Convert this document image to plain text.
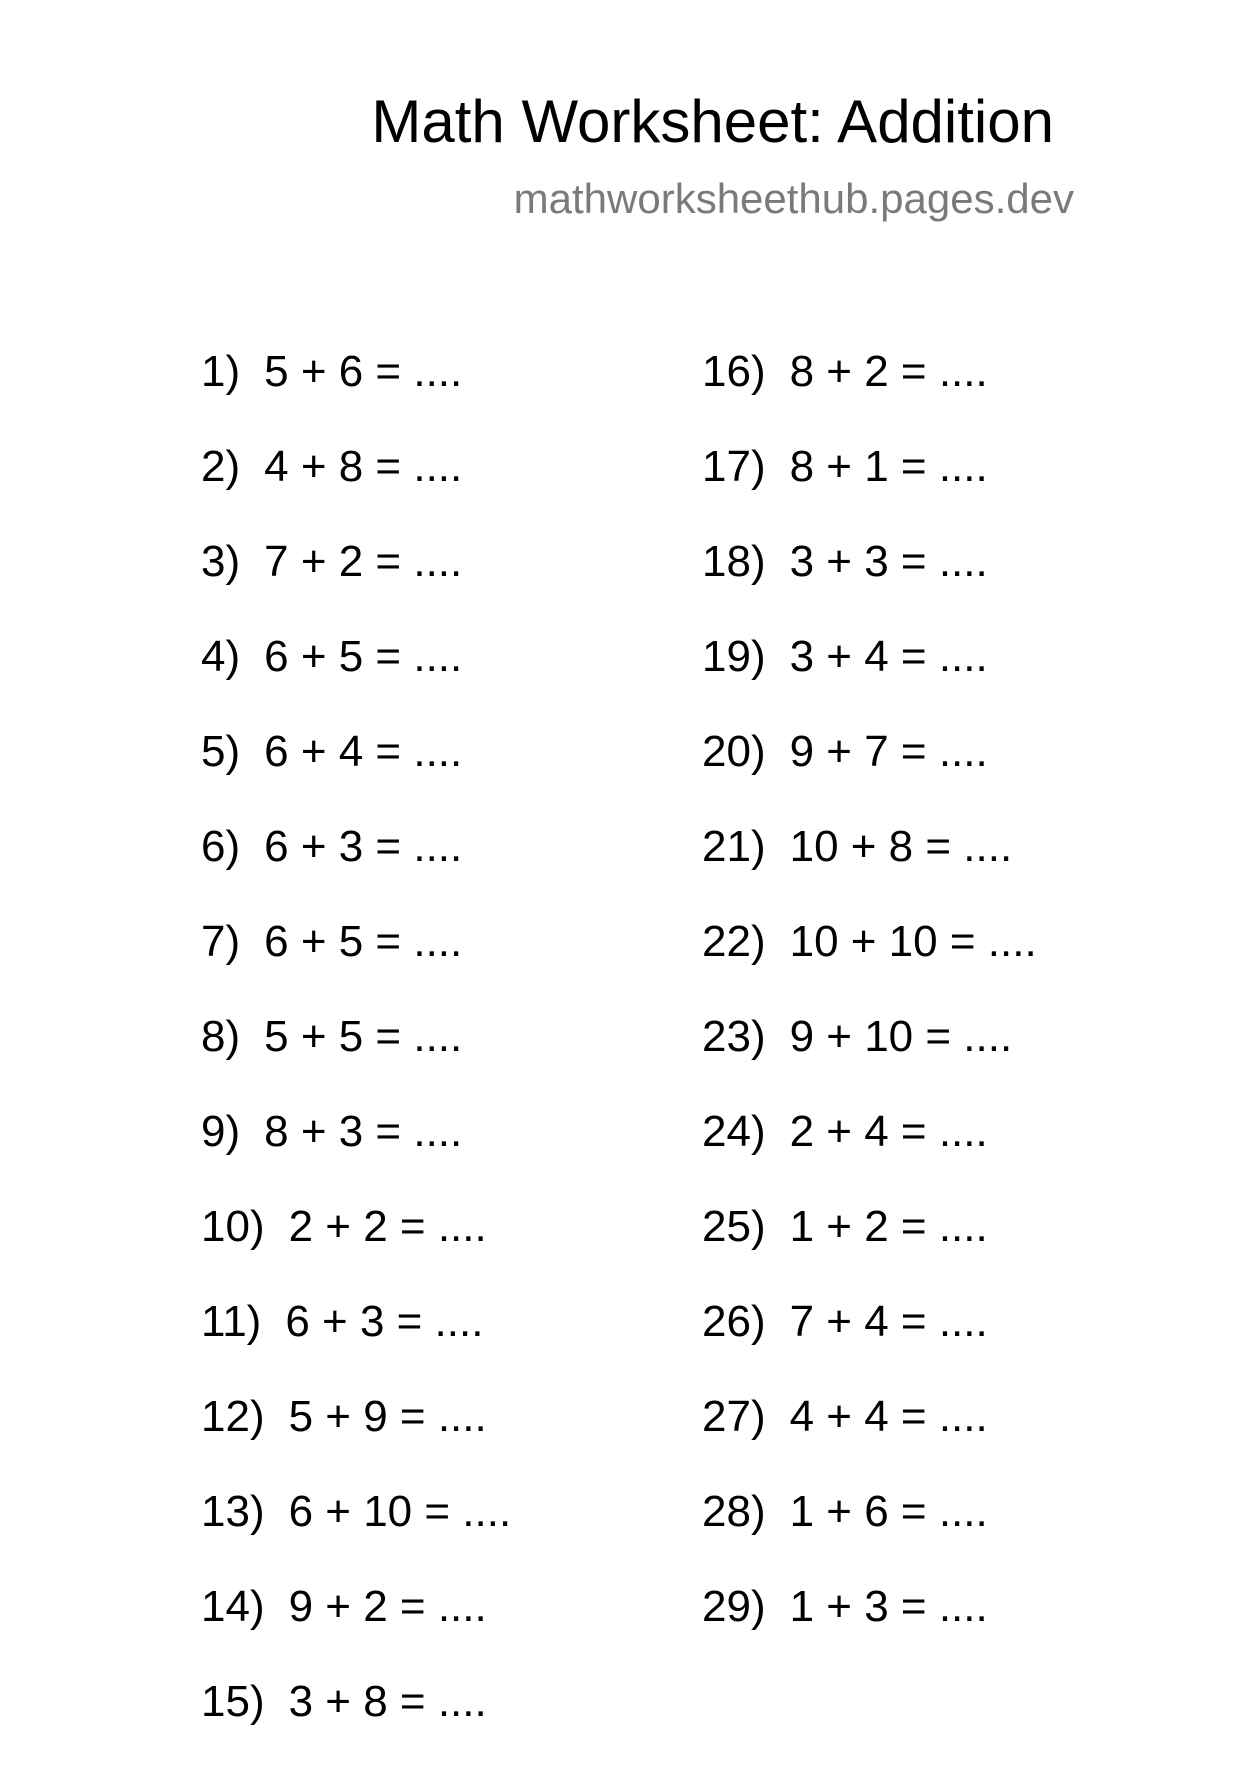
Math Worksheet: Addition
mathworksheethub.pages.dev
1) 5 + 6 = ....
2) 4 + 8 = ....
3) 7 + 2 = ....
4) 6 + 5 = ....
5) 6 + 4 = ....
6) 6 + 3 = ....
7) 6 + 5 = ....
8) 5 + 5 = ....
9) 8 + 3 = ....
10) 2 + 2 = ....
11) 6 + 3 = ....
12) 5 + 9 = ....
13) 6 + 10 = ....
14) 9 + 2 = ....
15) 3 + 8 = ....
16) 8 + 2 = ....
17) 8 + 1 = ....
18) 3 + 3 = ....
19) 3 + 4 = ....
20) 9 + 7 = ....
21) 10 + 8 = ....
22) 10 + 10 = ....
23) 9 + 10 = ....
24) 2 + 4 = ....
25) 1 + 2 = ....
26) 7 + 4 = ....
27) 4 + 4 = ....
28) 1 + 6 = ....
29) 1 + 3 = ....
